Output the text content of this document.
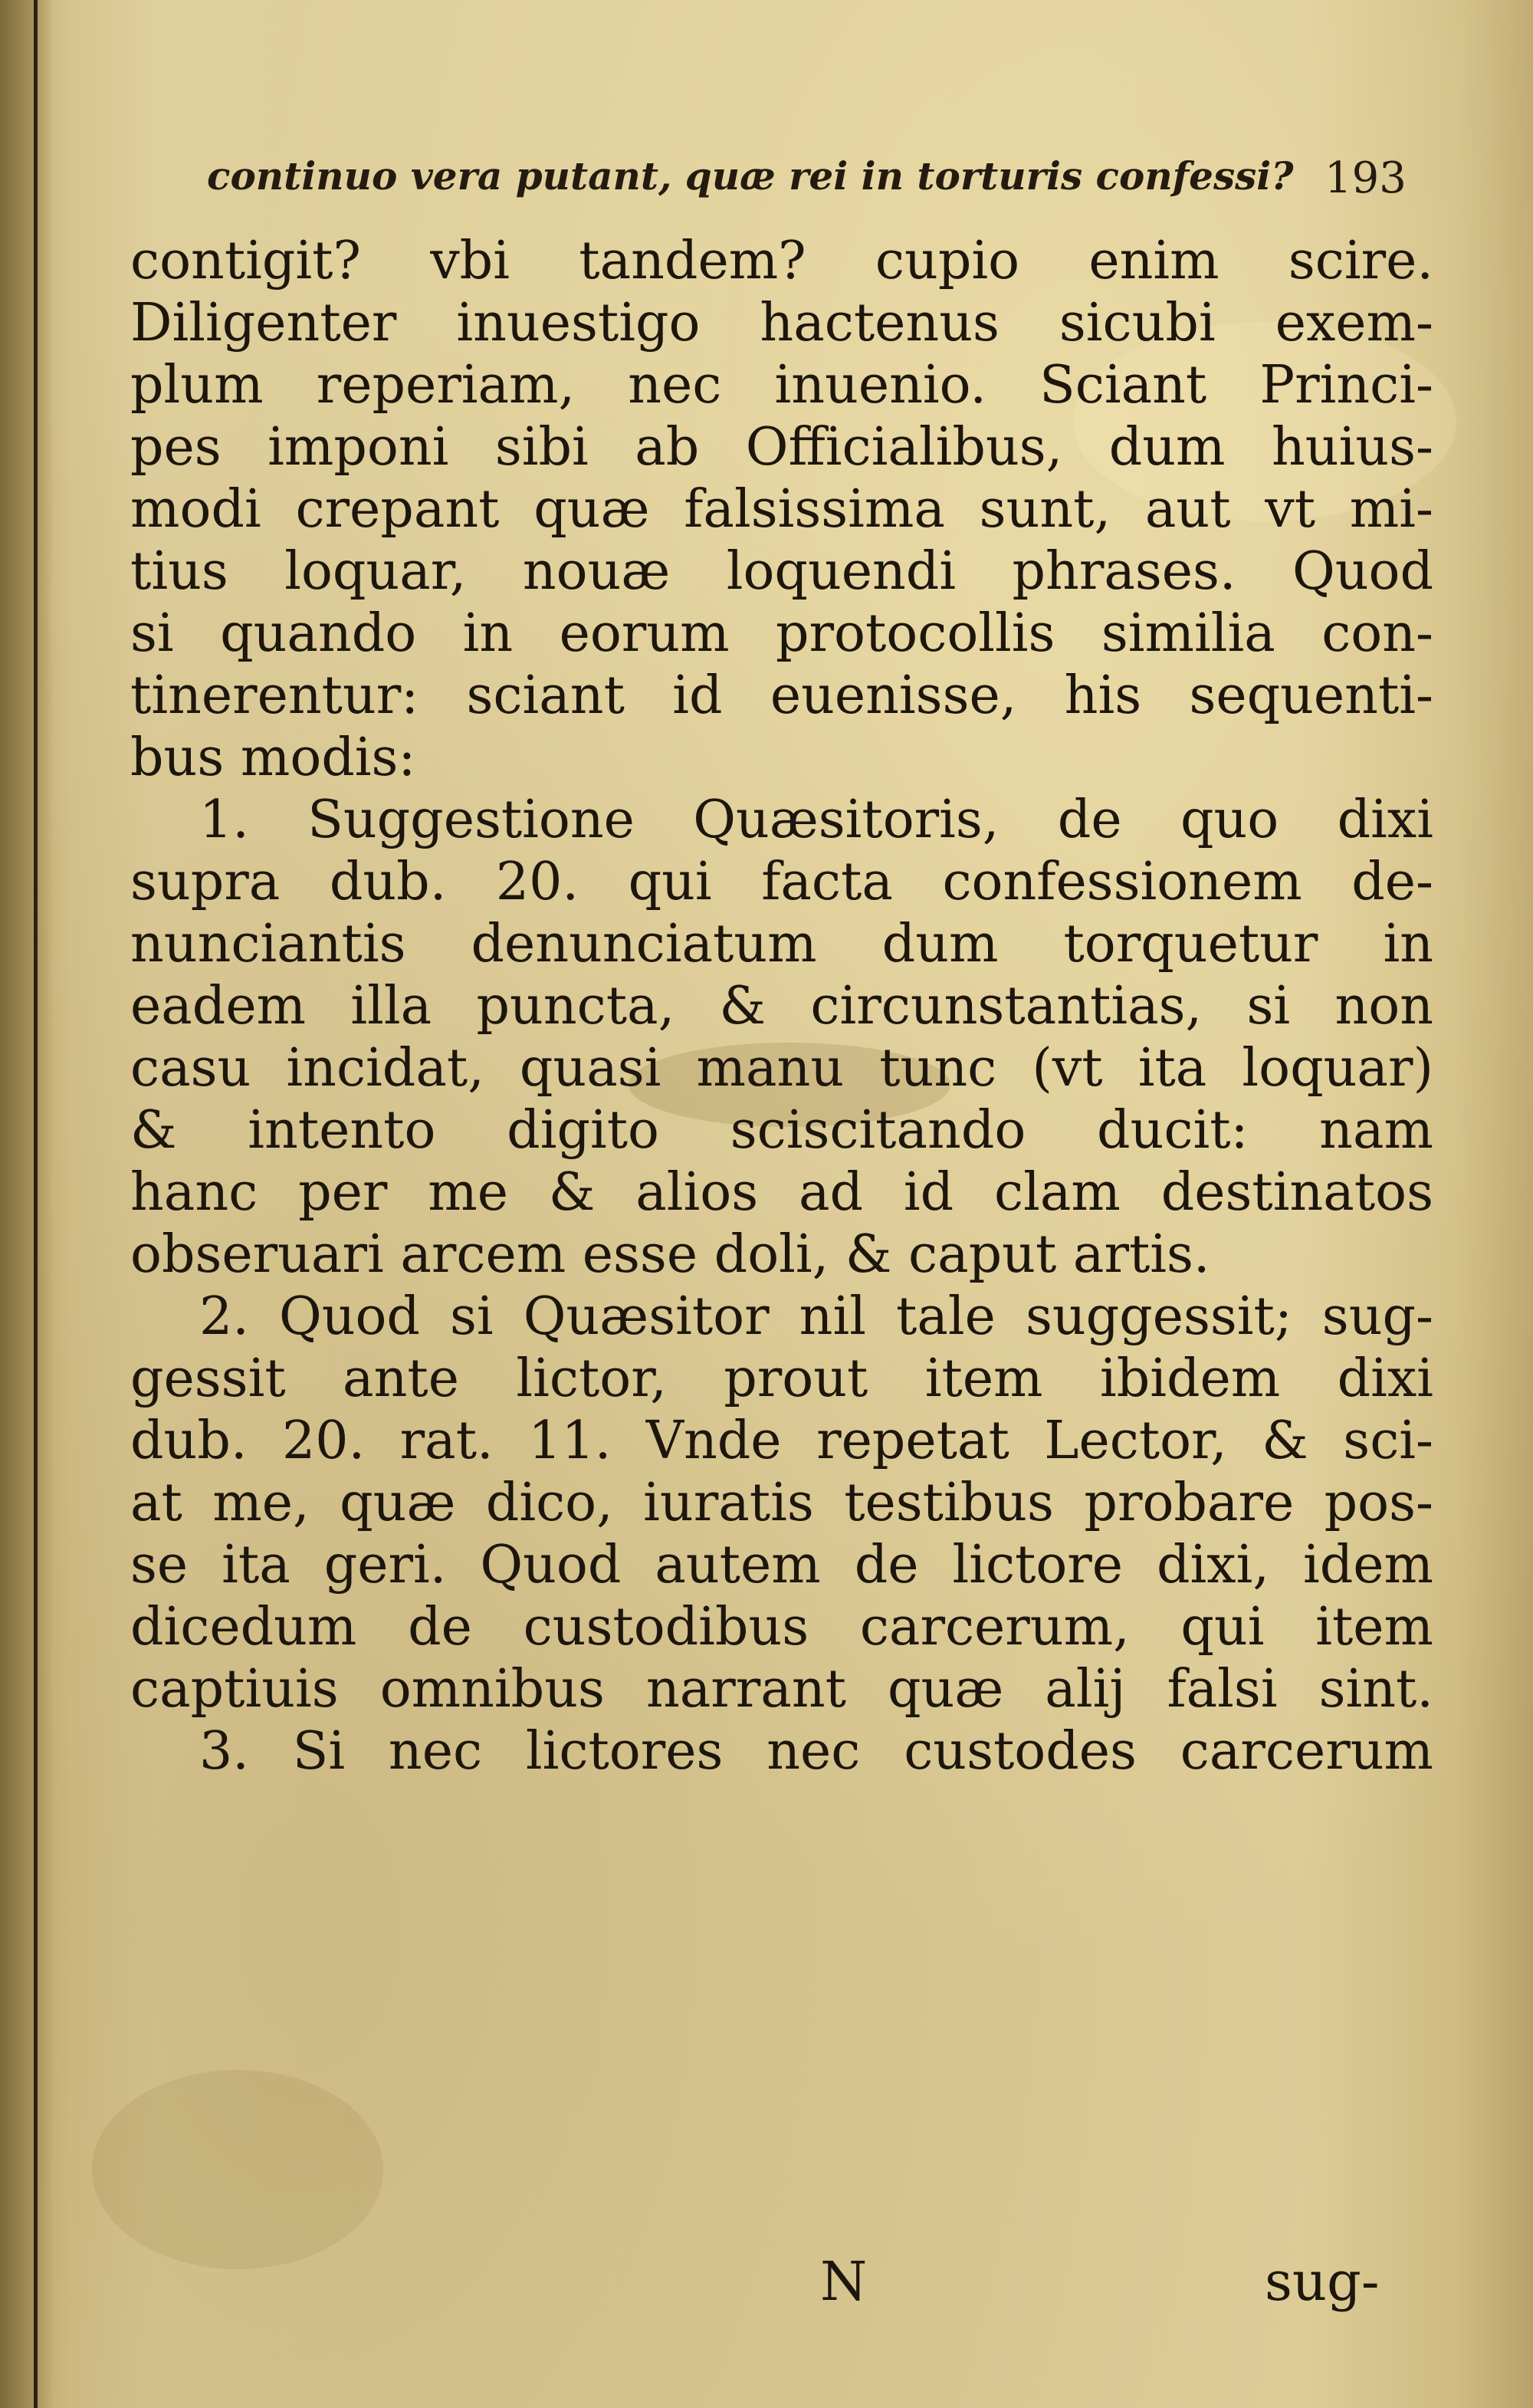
continuo vera putant, quæ rei in torturis confessi? 193
contigit? vbi tandem? cupio enim scire.
Diligenter inuestigo hactenus sicubi exem-
plum reperiam, nec inuenio. Sciant Princi-
pes imponi sibi ab Officialibus, dum huius-
modi crepant quæ falsissima sunt, aut vt mi-
tius loquar, nouæ loquendi phrases. Quod
si quando in eorum protocollis similia con-
tinerentur: sciant id euenisse, his sequenti-
bus modis:
1. Suggestione Quæsitoris, de quo dixi
supra dub. 20. qui facta confessionem de-
nunciantis denunciatum dum torquetur in
eadem illa puncta, & circunstantias, si non
casu incidat, quasi manu tunc (vt ita loquar)
& intento digito sciscitando ducit: nam
hanc per me & alios ad id clam destinatos
obseruari arcem esse doli, & caput artis.
2. Quod si Quæsitor nil tale suggessit; sug-
gessit ante lictor, prout item ibidem dixi
dub. 20. rat. 11. Vnde repetat Lector, & sci-
at me, quæ dico, iuratis testibus probare pos-
se ita geri. Quod autem de lictore dixi, idem
dicedum de custodibus carcerum, qui item
captiuis omnibus narrant quæ alij falsi sint.
3. Si nec lictores nec custodes carcerum
N	sug-
